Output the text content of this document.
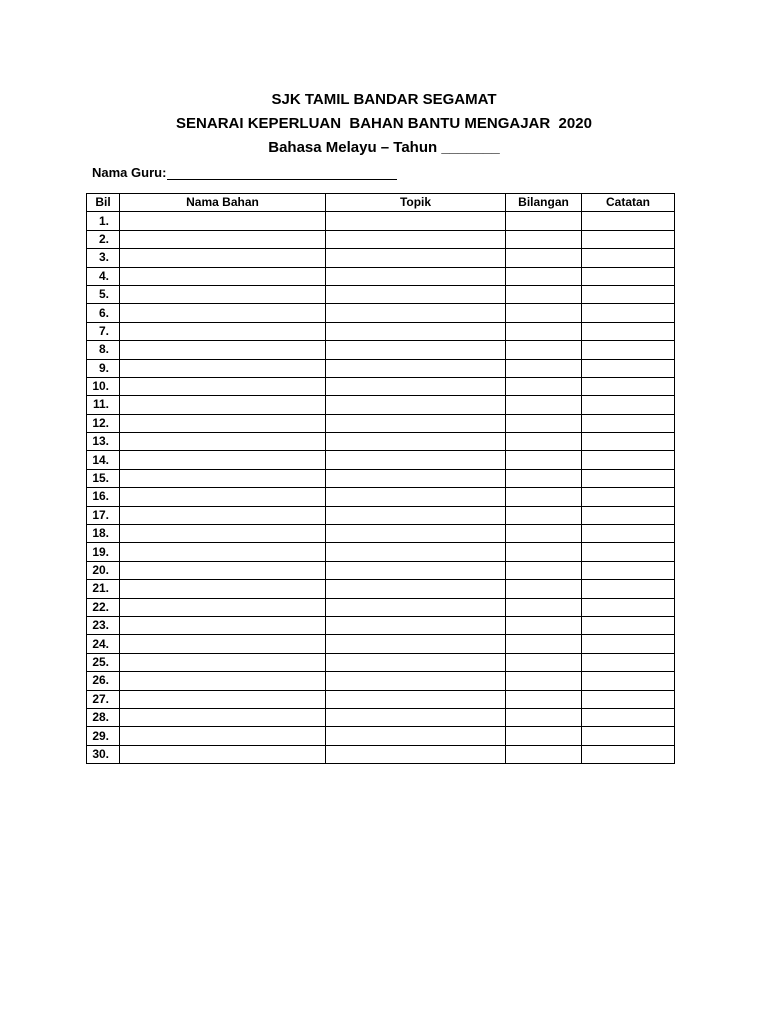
SJK TAMIL BANDAR SEGAMAT
SENARAI KEPERLUAN  BAHAN BANTU MENGAJAR  2020
Bahasa Melayu – Tahun _______
Nama Guru:
Bil	Nama Bahan	Topik	Bilangan	Catatan
1.				
2.				
3.				
4.				
5.				
6.				
7.				
8.				
9.				
10.				
11.				
12.				
13.				
14.				
15.				
16.				
17.				
18.				
19.				
20.				
21.				
22.				
23.				
24.				
25.				
26.				
27.				
28.				
29.				
30.				
